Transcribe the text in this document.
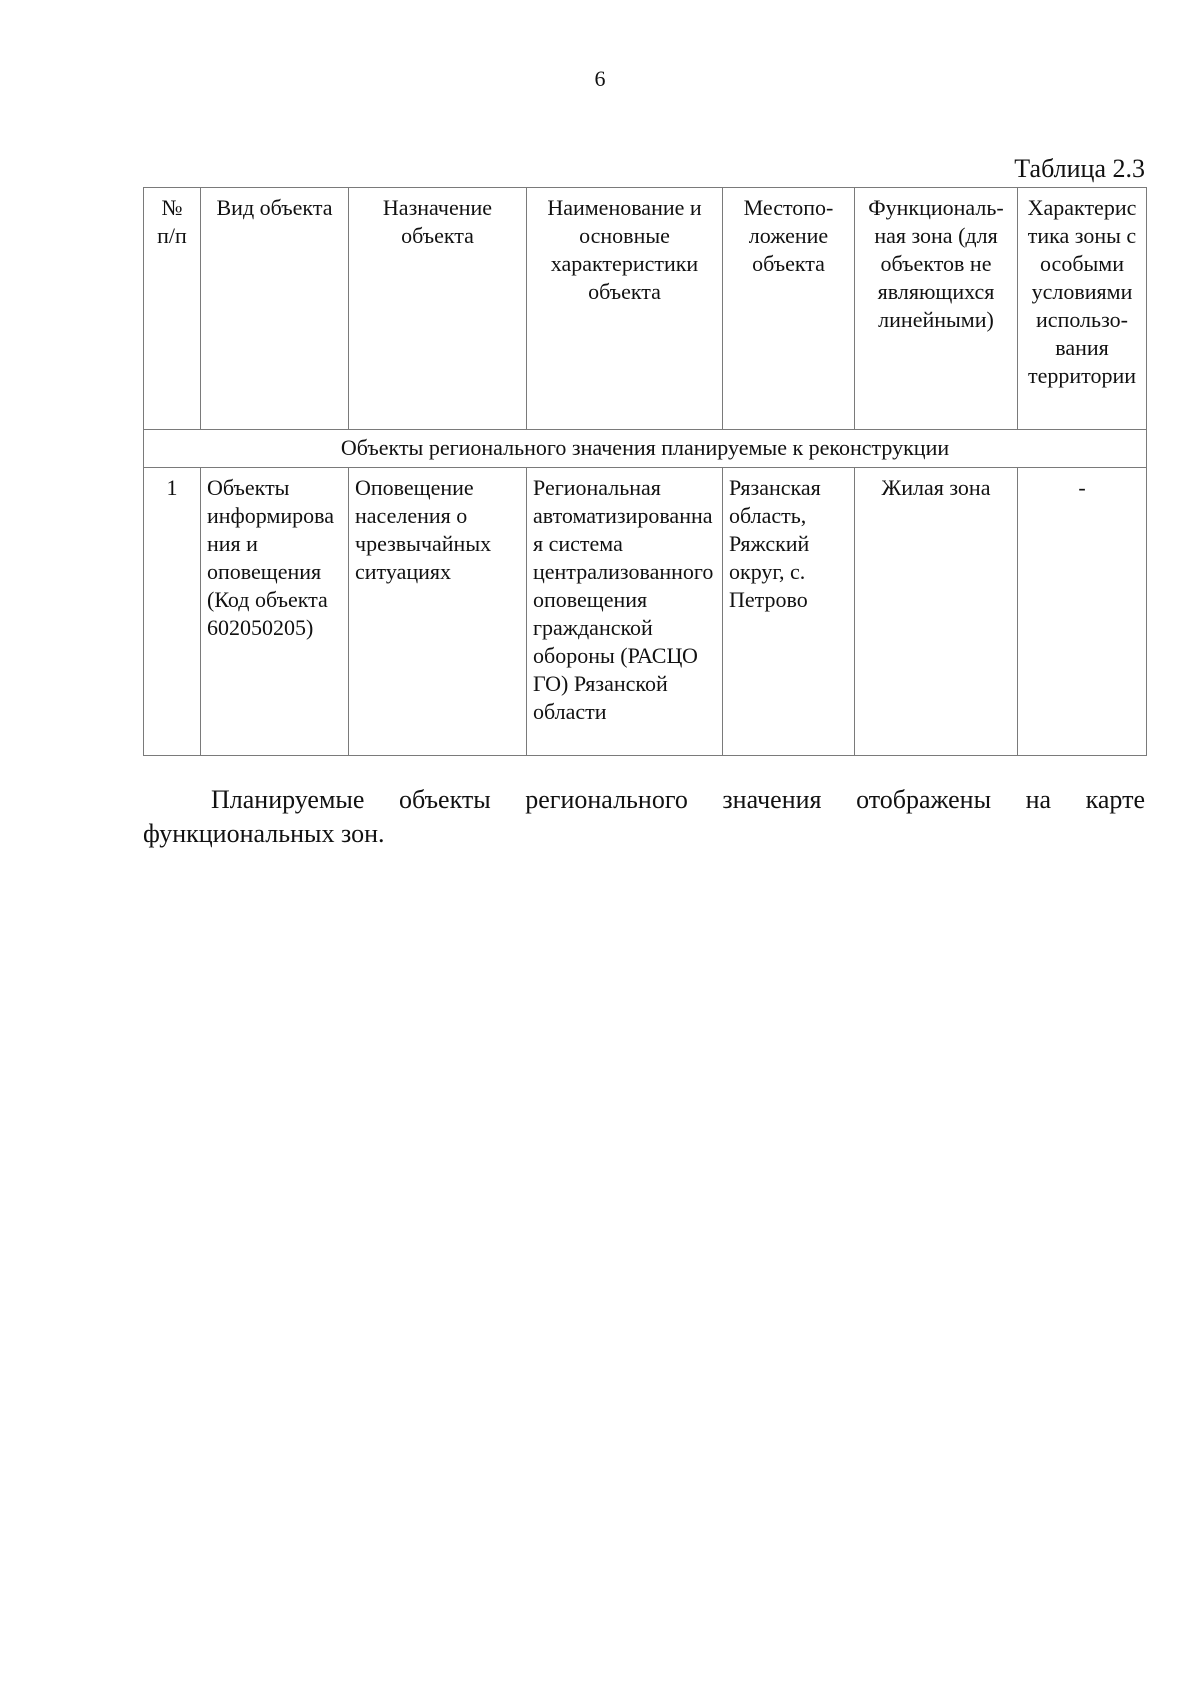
6
Таблица 2.3
№ п/п	Вид объекта	Назначение объекта	Наименование и основные характеристики объекта	Местопо-ложение объекта	Функциональ-ная зона (для объектов не являющихся линейными)	Характеристика зоны с особыми условиями использо-вания территории
Объекты регионального значения планируемые к реконструкции						
1	Объекты информирования и оповещения (Код объекта 602050205)	Оповещение населения о чрезвычайных ситуациях	Региональная автоматизированная система централизованного оповещения гражданской обороны (РАСЦО ГО) Рязанской области	Рязанская область, Ряжский округ, с. Петрово	Жилая зона	-

Планируемые объекты регионального значения отображены на карте функциональных зон.
